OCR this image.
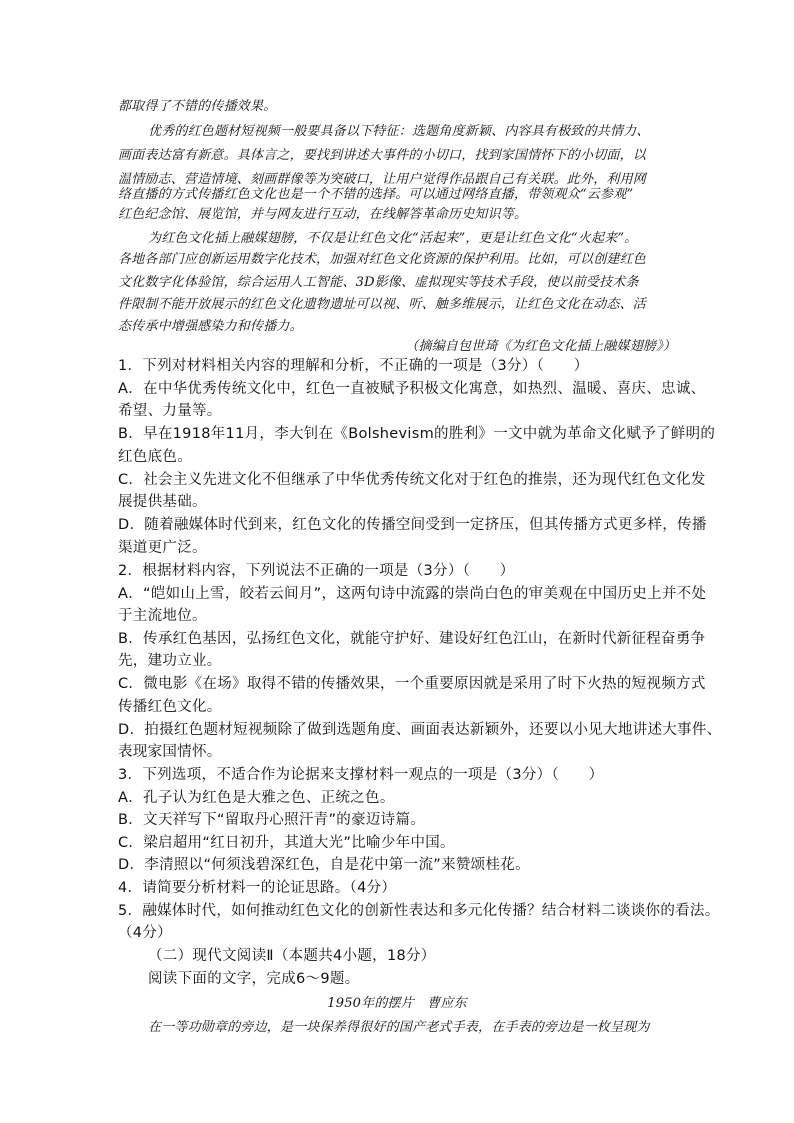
都取得了不错的传播效果。
优秀的红色题材短视频一般要具备以下特征：选题角度新颖、内容具有极致的共情力、
画面表达富有新意。具体言之，要找到讲述大事件的小切口，找到家国情怀下的小切面，以
温情励志、营造情境、刻画群像等为突破口，让用户觉得作品跟自己有关联。此外，利用网
络直播的方式传播红色文化也是一个不错的选择。可以通过网络直播，带领观众“云参观”
红色纪念馆、展览馆，并与网友进行互动，在线解答革命历史知识等。
为红色文化插上融媒翅膀，不仅是让红色文化“活起来”，更是让红色文化“火起来”。
各地各部门应创新运用数字化技术，加强对红色文化资源的保护利用。比如，可以创建红色
文化数字化体验馆，综合运用人工智能、3D影像、虚拟现实等技术手段，使以前受技术条
件限制不能开放展示的红色文化遗物遗址可以视、听、触多维展示，让红色文化在动态、活
态传承中增强感染力和传播力。
（摘编自包世琦《为红色文化插上融媒翅膀》）
1．下列对材料相关内容的理解和分析，不正确的一项是（3分）（　　）
A．在中华优秀传统文化中，红色一直被赋予积极文化寓意，如热烈、温暖、喜庆、忠诚、
希望、力量等。
B．早在1918年11月，李大钊在《Bolshevism的胜利》一文中就为革命文化赋予了鲜明的
红色底色。
C．社会主义先进文化不但继承了中华优秀传统文化对于红色的推崇，还为现代红色文化发
展提供基础。
D．随着融媒体时代到来，红色文化的传播空间受到一定挤压，但其传播方式更多样，传播
渠道更广泛。
2．根据材料内容，下列说法不正确的一项是（3分）（　　）
A．“皑如山上雪，皎若云间月”，这两句诗中流露的崇尚白色的审美观在中国历史上并不处
于主流地位。
B．传承红色基因，弘扬红色文化，就能守护好、建设好红色江山，在新时代新征程奋勇争
先，建功立业。
C．微电影《在场》取得不错的传播效果，一个重要原因就是采用了时下火热的短视频方式
传播红色文化。
D．拍摄红色题材短视频除了做到选题角度、画面表达新颖外，还要以小见大地讲述大事件、
表现家国情怀。
3．下列选项，不适合作为论据来支撑材料一观点的一项是（3分）（　　）
A．孔子认为红色是大雅之色、正统之色。
B．文天祥写下“留取丹心照汗青”的豪迈诗篇。
C．梁启超用“红日初升，其道大光”比喻少年中国。
D．李清照以“何须浅碧深红色，自是花中第一流”来赞颂桂花。
4．请简要分析材料一的论证思路。（4分）
5．融媒体时代，如何推动红色文化的创新性表达和多元化传播？结合材料二谈谈你的看法。
（4分）
（二）现代文阅读Ⅱ（本题共4小题，18分）
阅读下面的文字，完成6～9题。
1950年的摆片　曹应东
在一等功勋章的旁边，是一块保养得很好的国产老式手表，在手表的旁边是一枚呈现为
